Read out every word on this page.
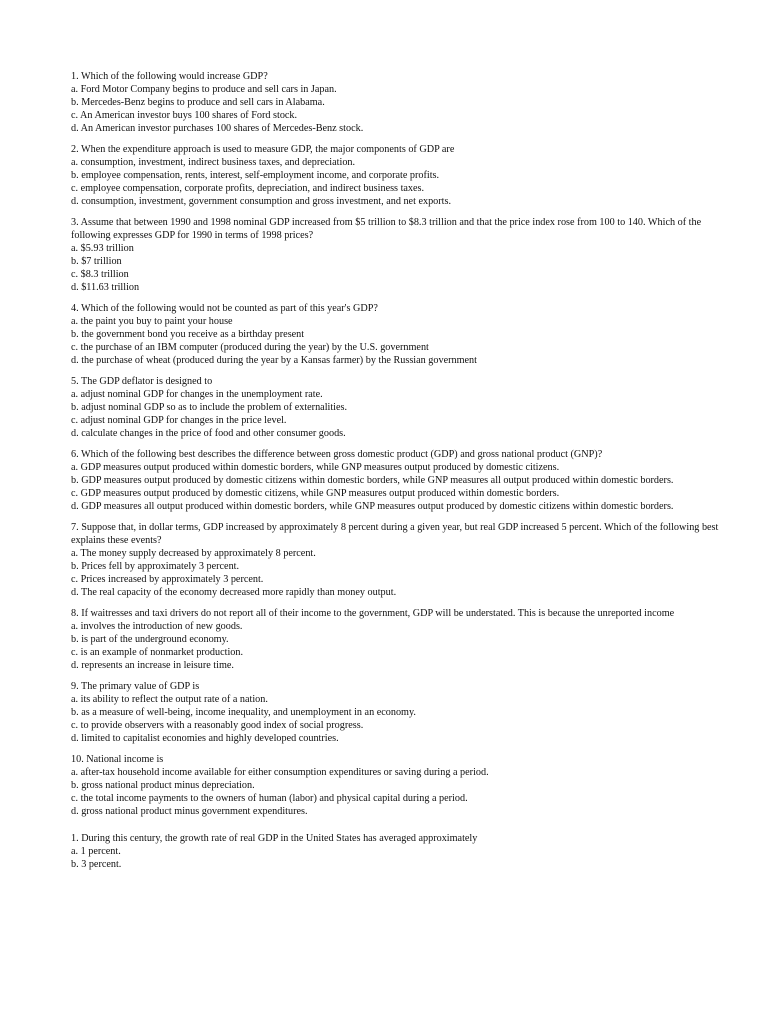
1. Which of the following would increase GDP?
a. Ford Motor Company begins to produce and sell cars in Japan.
b. Mercedes-Benz begins to produce and sell cars in Alabama.
c. An American investor buys 100 shares of Ford stock.
d. An American investor purchases 100 shares of Mercedes-Benz stock.
2. When the expenditure approach is used to measure GDP, the major components of GDP are
a. consumption, investment, indirect business taxes, and depreciation.
b. employee compensation, rents, interest, self-employment income, and corporate profits.
c. employee compensation, corporate profits, depreciation, and indirect business taxes.
d. consumption, investment, government consumption and gross investment, and net exports.
3. Assume that between 1990 and 1998 nominal GDP increased from $5 trillion to $8.3 trillion and that the price index rose from 100 to 140. Which of the following expresses GDP for 1990 in terms of 1998 prices?
a. $5.93 trillion
b. $7 trillion
c. $8.3 trillion
d. $11.63 trillion
4. Which of the following would not be counted as part of this year's GDP?
a. the paint you buy to paint your house
b. the government bond you receive as a birthday present
c. the purchase of an IBM computer (produced during the year) by the U.S. government
d. the purchase of wheat (produced during the year by a Kansas farmer) by the Russian government
5. The GDP deflator is designed to
a. adjust nominal GDP for changes in the unemployment rate.
b. adjust nominal GDP so as to include the problem of externalities.
c. adjust nominal GDP for changes in the price level.
d. calculate changes in the price of food and other consumer goods.
6. Which of the following best describes the difference between gross domestic product (GDP) and gross national product (GNP)?
a. GDP measures output produced within domestic borders, while GNP measures output produced by domestic citizens.
b. GDP measures output produced by domestic citizens within domestic borders, while GNP measures all output produced within domestic borders.
c. GDP measures output produced by domestic citizens, while GNP measures output produced within domestic borders.
d. GDP measures all output produced within domestic borders, while GNP measures output produced by domestic citizens within domestic borders.
7. Suppose that, in dollar terms, GDP increased by approximately 8 percent during a given year, but real GDP increased 5 percent. Which of the following best explains these events?
a. The money supply decreased by approximately 8 percent.
b. Prices fell by approximately 3 percent.
c. Prices increased by approximately 3 percent.
d. The real capacity of the economy decreased more rapidly than money output.
8. If waitresses and taxi drivers do not report all of their income to the government, GDP will be understated. This is because the unreported income
a. involves the introduction of new goods.
b. is part of the underground economy.
c. is an example of nonmarket production.
d. represents an increase in leisure time.
9. The primary value of GDP is
a. its ability to reflect the output rate of a nation.
b. as a measure of well-being, income inequality, and unemployment in an economy.
c. to provide observers with a reasonably good index of social progress.
d. limited to capitalist economies and highly developed countries.
10. National income is
a. after-tax household income available for either consumption expenditures or saving during a period.
b. gross national product minus depreciation.
c. the total income payments to the owners of human (labor) and physical capital during a period.
d. gross national product minus government expenditures.
1. During this century, the growth rate of real GDP in the United States has averaged approximately
a. 1 percent.
b. 3 percent.
